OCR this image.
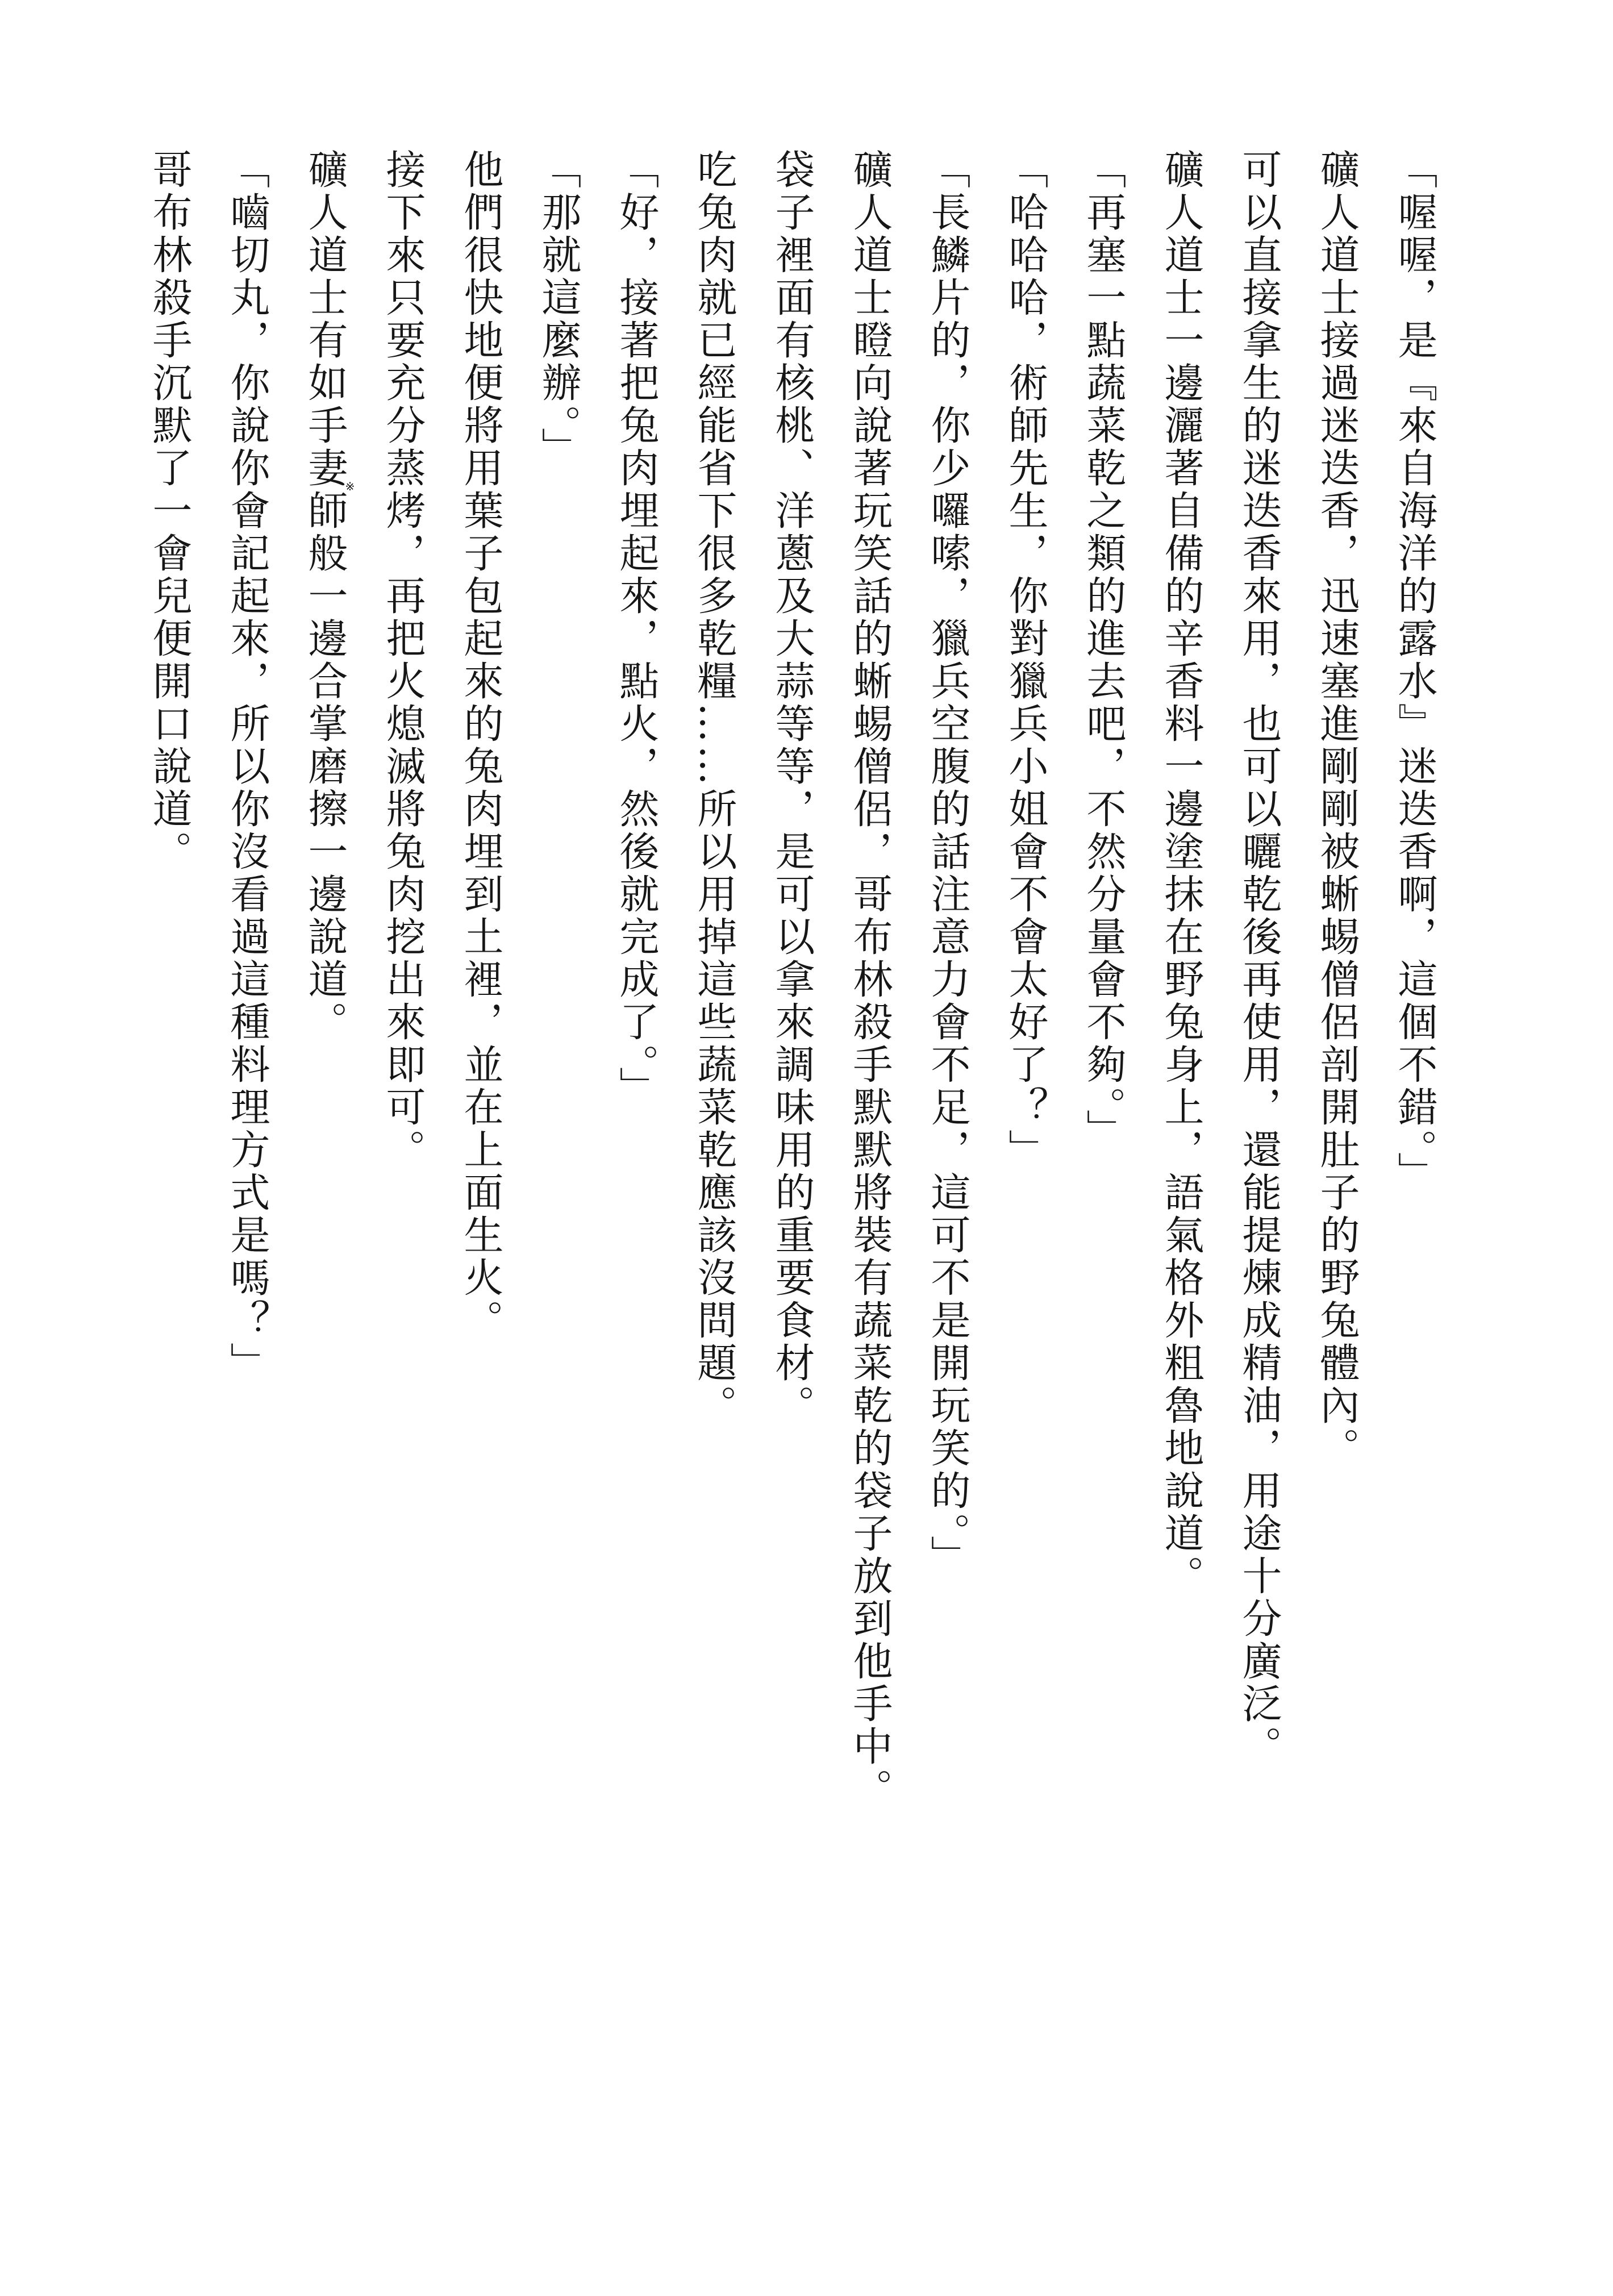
「喔喔，是『來自海洋的露水』迷迭香啊，這個不錯。」
礦人道士接過迷迭香，迅速塞進剛剛被蜥蜴僧侶剖開肚子的野兔體內。
可以直接拿生的迷迭香來用，也可以曬乾後再使用，還能提煉成精油，用途十分廣泛。
礦人道士一邊灑著自備的辛香料一邊塗抹在野兔身上，語氣格外粗魯地說道。
「再塞一點蔬菜乾之類的進去吧，不然分量會不夠。」
「哈哈哈，術師先生，你對獵兵小姐會不會太好了？」
「長鱗片的，你少囉嗦，獵兵空腹的話注意力會不足，這可不是開玩笑的。」
礦人道士瞪向說著玩笑話的蜥蜴僧侶，哥布林殺手默默將裝有蔬菜乾的袋子放到他手中。
袋子裡面有核桃、洋蔥及大蒜等等，是可以拿來調味用的重要食材。
吃兔肉就已經能省下很多乾糧……所以用掉這些蔬菜乾應該沒問題。
「好，接著把兔肉埋起來，點火，然後就完成了。」
「那就這麼辦。」
他們很快地便將用葉子包起來的兔肉埋到土裡，並在上面生火。
接下來只要充分蒸烤，再把火熄滅將兔肉挖出來即可。
礦人道士有如手妻※師般一邊合掌磨擦一邊說道。
「嚙切丸，你說你會記起來，所以你沒看過這種料理方式是嗎？」
哥布林殺手沉默了一會兒便開口說道。
